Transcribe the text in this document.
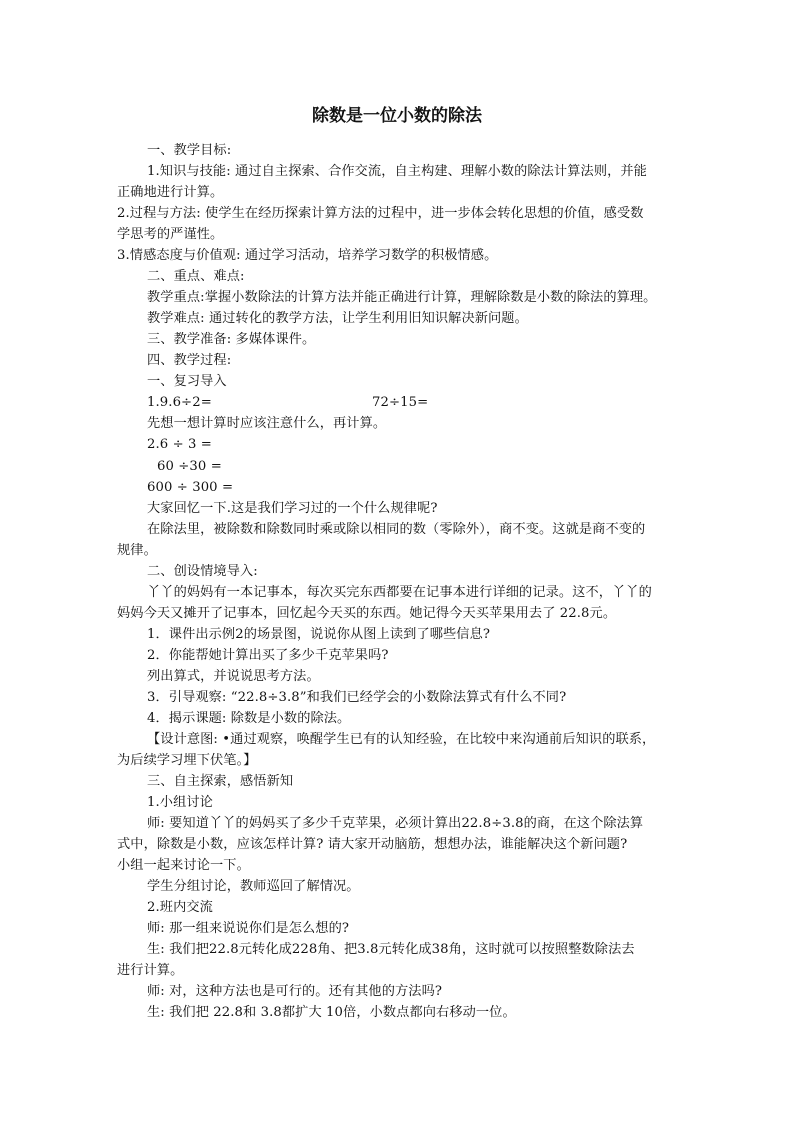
除数是一位小数的除法
一、教学目标:
1.知识与技能: 通过自主探索、合作交流，自主构建、理解小数的除法计算法则，并能
正确地进行计算。
2.过程与方法: 使学生在经历探索计算方法的过程中，进一步体会转化思想的价值，感受数
学思考的严谨性。
3.情感态度与价值观: 通过学习活动，培养学习数学的积极情感。
二、重点、难点:
教学重点:掌握小数除法的计算方法并能正确进行计算，理解除数是小数的除法的算理。
教学难点: 通过转化的教学方法，让学生利用旧知识解决新问题。
三、教学准备: 多媒体课件。
四、教学过程:
一、复习导入
1.9.6÷2=	72÷15=
先想一想计算时应该注意什么，再计算。
2.6 ÷ 3 =
60 ÷30 =
600 ÷ 300 =
大家回忆一下.这是我们学习过的一个什么规律呢?
在除法里，被除数和除数同时乘或除以相同的数（零除外），商不变。这就是商不变的
规律。
二、创设情境导入:
丫丫的妈妈有一本记事本，每次买完东西都要在记事本进行详细的记录。这不，丫丫的
妈妈今天又摊开了记事本，回忆起今天买的东西。她记得今天买苹果用去了 22.8元。
1．课件出示例2的场景图，说说你从图上读到了哪些信息?
2．你能帮她计算出买了多少千克苹果吗?
列出算式，并说说思考方法。
3．引导观察: “22.8÷3.8”和我们已经学会的小数除法算式有什么不同?
4．揭示课题: 除数是小数的除法。
【设计意图: •通过观察，唤醒学生已有的认知经验，在比较中来沟通前后知识的联系，
为后续学习埋下伏笔。】
三、自主探索，感悟新知
1.小组讨论
师: 要知道丫丫的妈妈买了多少千克苹果，必须计算出22.8÷3.8的商，在这个除法算
式中，除数是小数，应该怎样计算? 请大家开动脑筋，想想办法，谁能解决这个新问题?
小组一起来讨论一下。
学生分组讨论，教师巡回了解情况。
2.班内交流
师: 那一组来说说你们是怎么想的?
生: 我们把22.8元转化成228角、把3.8元转化成38角，这时就可以按照整数除法去
进行计算。
师: 对，这种方法也是可行的。还有其他的方法吗?
生: 我们把 22.8和 3.8都扩大 10倍，小数点都向右移动一位。
